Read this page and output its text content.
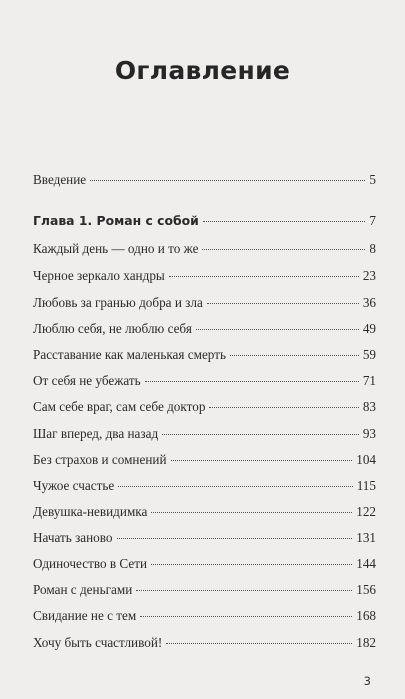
Оглавление
Введение	5
Глава 1. Роман с собой	7
Каждый день — одно и то же	8
Черное зеркало хандры	23
Любовь за гранью добра и зла	36
Люблю себя, не люблю себя	49
Расставание как маленькая смерть	59
От себя не убежать	71
Сам себе враг, сам себе доктор	83
Шаг вперед, два назад	93
Без страхов и сомнений	104
Чужое счастье	115
Девушка-невидимка	122
Начать заново	131
Одиночество в Сети	144
Роман с деньгами	156
Свидание не с тем	168
Хочу быть счастливой!	182
3
